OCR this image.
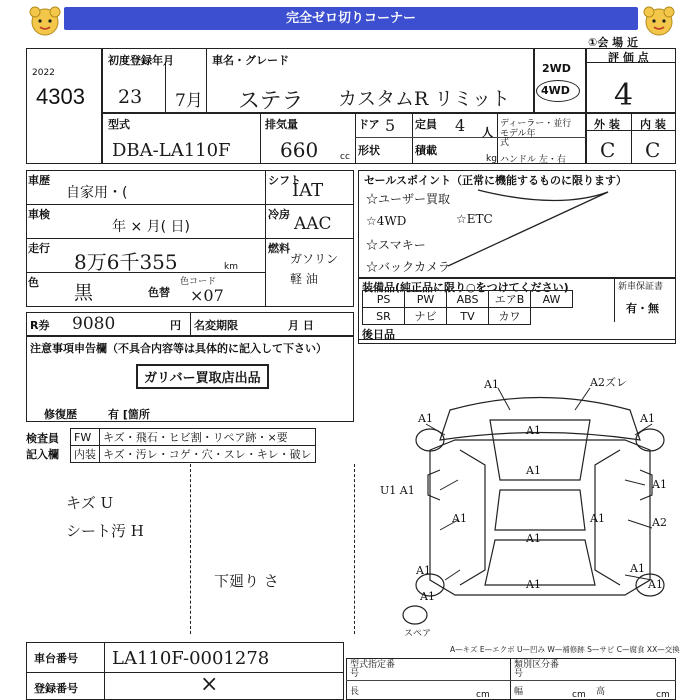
完全ゼロ切りコーナー
①会 場 近
2022
4303
初度登録年月
23 7月
車名・グレード
ステラ カスタムR リミット
2WD
4WD
評 価 点
4
型式
DBA-LA110F
排気量
660 cc
ドア 5 定員 4 人
形状	積載
kg
ディーラー・並行
モデル年式
ハンドル 左・右
外 装 内 装
C C
車歴
自家用・(
シフト
IAT
車検
年 × 月( 日)
冷房 AAC
走行
8万6千355	km
燃料
ガソリン
軽 油
色 黒	色替
色コード
×07
R券 9080	円 名変期限	月 日
注意事項申告欄（不具合内容等は具体的に記入して下さい）
ガリバー買取店出品
修復歴	有 [箇所
セールスポイント（正常に機能するものに限ります）
☆ユーザー買取
☆4WD	☆ETC
☆スマキー
☆バックカメラ
装備品(純正品に限り○をつけてください)	新車保証書
有・無
PS	PW	ABS	エアB	AW
SR	ナビ	TV	カワ	
後日品
検査員
記入欄
FW	キズ・飛石・ヒビ割・リペア跡・×要
内装	キズ・汚レ・コゲ・穴・スレ・キレ・破レ
キズ U
シート汚 H
下廻り さ
A1	A2ズレ
A1
A1
A1
A1
A1
U1 A1
A1	A1	A2
A1
A1	A1
A1
A1
A1
スペア
A—キズ E—エクボ U—凹み W—補修跡 S—サビ C—腐食 XX—交換
車台番号 LA110F-0001278
登録番号	×
型式指定番号
類別区分番号
長	cm	幅	cm 高	cm
